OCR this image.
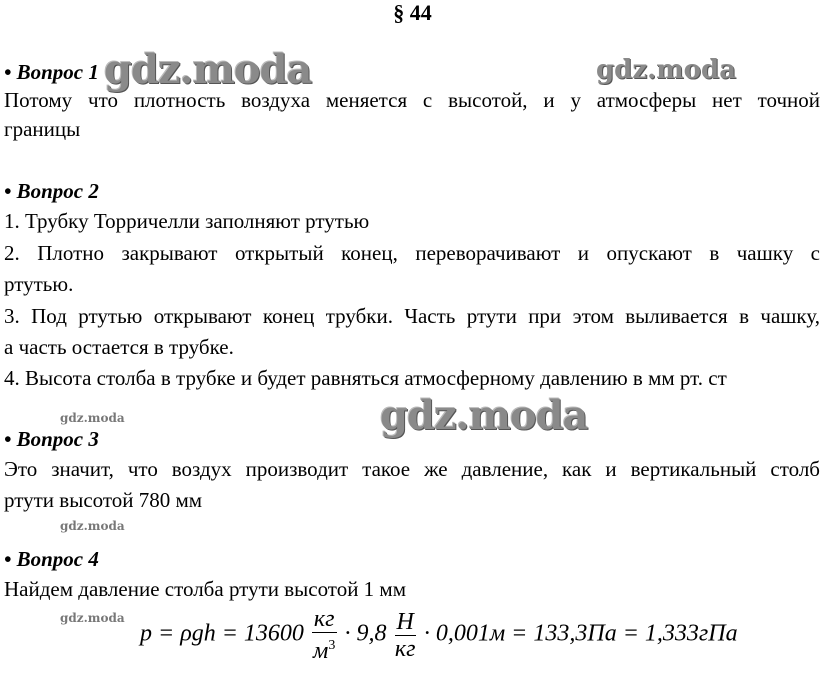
§ 44
gdz.moda	gdz.moda
gdz.moda
gdz.moda
gdz.moda
gdz.moda
• Вопрос 1
Потому что плотность воздуха меняется с высотой, и у атмосферы нет точной
границы
• Вопрос 2
1. Трубку Торричелли заполняют ртутью
2. Плотно закрывают открытый конец, переворачивают и опускают в чашку с
ртутью.
3. Под ртутью открывают конец трубки. Часть ртути при этом выливается в чашку,
а часть остается в трубке.
4. Высота столба в трубке и будет равняться атмосферному давлению в мм рт. ст
• Вопрос 3
Это значит, что воздух производит такое же давление, как и вертикальный столб
ртути высотой 780 мм
• Вопрос 4
Найдем давление столба ртути высотой 1 мм
$p = \rho gh = 13600 \frac{кг}{м^3} \cdot 9,8 \frac{Н}{кг} \cdot 0,001м = 133,3Па = 1,333гПа$
